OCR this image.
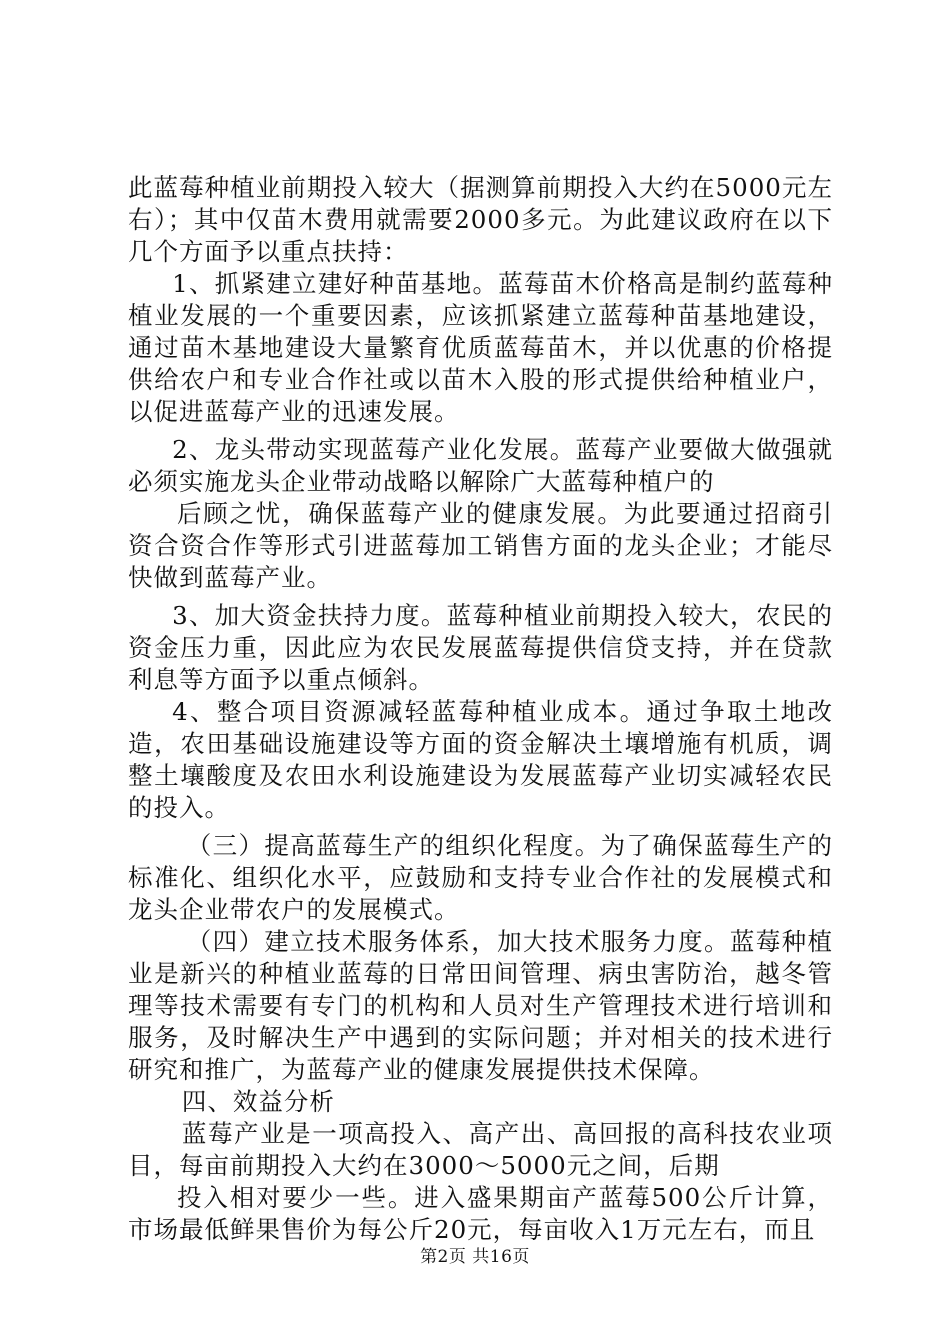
此蓝莓种植业前期投入较大（据测算前期投入大约在5000元左右）；其中仅苗木费用就需要2000多元。为此建议政府在以下几个方面予以重点扶持：

1、抓紧建立建好种苗基地。蓝莓苗木价格高是制约蓝莓种植业发展的一个重要因素，应该抓紧建立蓝莓种苗基地建设，通过苗木基地建设大量繁育优质蓝莓苗木，并以优惠的价格提供给农户和专业合作社或以苗木入股的形式提供给种植业户，以促进蓝莓产业的迅速发展。

2、龙头带动实现蓝莓产业化发展。蓝莓产业要做大做强就必须实施龙头企业带动战略以解除广大蓝莓种植户的

后顾之忧，确保蓝莓产业的健康发展。为此要通过招商引资合资合作等形式引进蓝莓加工销售方面的龙头企业；才能尽快做到蓝莓产业。

3、加大资金扶持力度。蓝莓种植业前期投入较大，农民的资金压力重，因此应为农民发展蓝莓提供信贷支持，并在贷款利息等方面予以重点倾斜。

4、整合项目资源减轻蓝莓种植业成本。通过争取土地改造，农田基础设施建设等方面的资金解决土壤增施有机质，调整土壤酸度及农田水利设施建设为发展蓝莓产业切实减轻农民的投入。

（三）提高蓝莓生产的组织化程度。为了确保蓝莓生产的标准化、组织化水平，应鼓励和支持专业合作社的发展模式和龙头企业带农户的发展模式。

（四）建立技术服务体系，加大技术服务力度。蓝莓种植业是新兴的种植业蓝莓的日常田间管理、病虫害防治，越冬管理等技术需要有专门的机构和人员对生产管理技术进行培训和服务，及时解决生产中遇到的实际问题；并对相关的技术进行研究和推广，为蓝莓产业的健康发展提供技术保障。

四、效益分析

蓝莓产业是一项高投入、高产出、高回报的高科技农业项目，每亩前期投入大约在3000～5000元之间，后期

投入相对要少一些。进入盛果期亩产蓝莓500公斤计算，市场最低鲜果售价为每公斤20元，每亩收入1万元左右，而且

第2页 共16页
